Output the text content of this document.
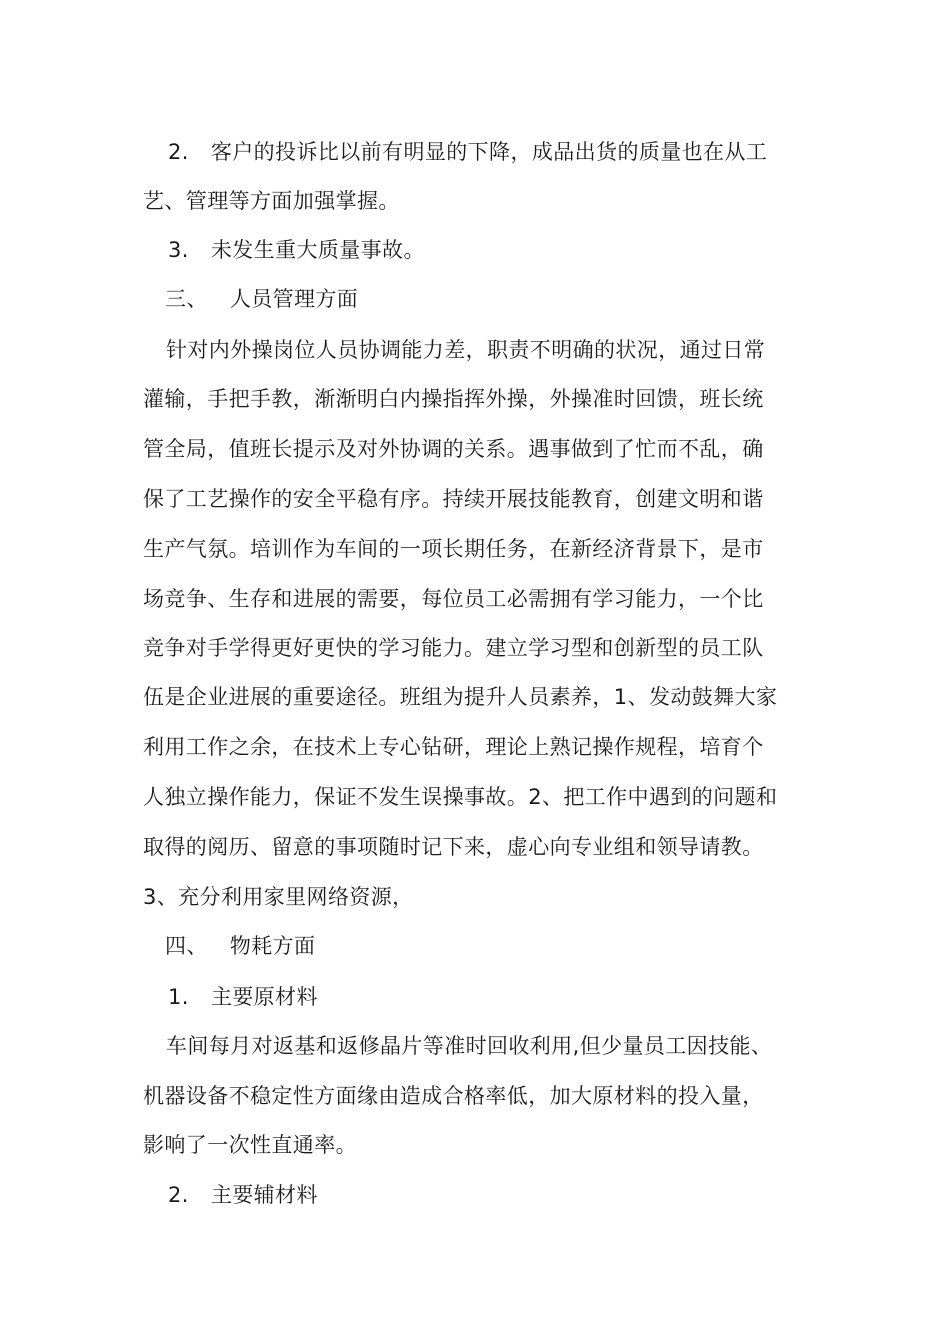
2. 客户的投诉比以前有明显的下降，成品出货的质量也在从工
艺、管理等方面加强掌握。
3. 未发生重大质量事故。
三、 人员管理方面
针对内外操岗位人员协调能力差，职责不明确的状况，通过日常
灌输，手把手教，渐渐明白内操指挥外操，外操准时回馈，班长统
管全局，值班长提示及对外协调的关系。遇事做到了忙而不乱，确
保了工艺操作的安全平稳有序。持续开展技能教育，创建文明和谐
生产气氛。培训作为车间的一项长期任务，在新经济背景下，是市
场竞争、生存和进展的需要，每位员工必需拥有学习能力，一个比
竞争对手学得更好更快的学习能力。建立学习型和创新型的员工队
伍是企业进展的重要途径。班组为提升人员素养，1、发动鼓舞大家
利用工作之余，在技术上专心钻研，理论上熟记操作规程，培育个
人独立操作能力，保证不发生误操事故。2、把工作中遇到的问题和
取得的阅历、留意的事项随时记下来，虚心向专业组和领导请教。
3、充分利用家里网络资源，
四、 物耗方面
1. 主要原材料
车间每月对返基和返修晶片等准时回收利用,但少量员工因技能、
机器设备不稳定性方面缘由造成合格率低，加大原材料的投入量，
影响了一次性直通率。
2. 主要辅材料
